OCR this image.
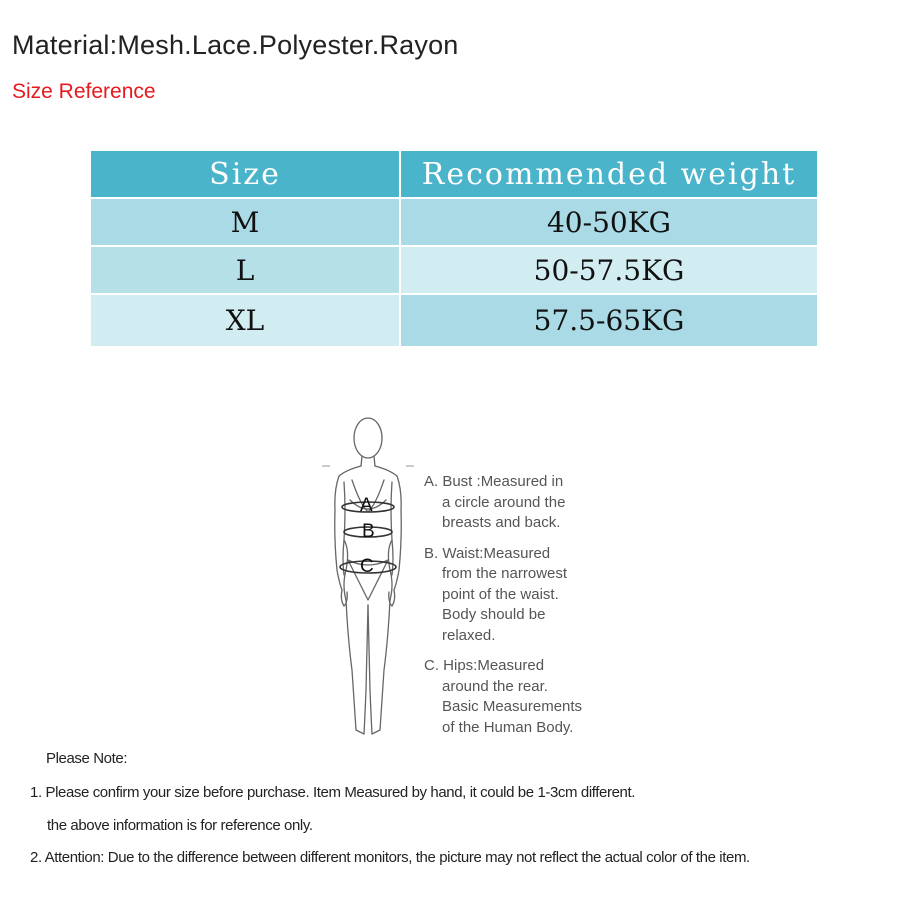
Material:Mesh.Lace.Polyester.Rayon
Size Reference
Size	Recommended weight
M	40-50KG
L	50-57.5KG
XL	57.5-65KG
A
B
C
A. Bust :Measured in
a circle around the
breasts and back.
B. Waist:Measured
from the narrowest
point of the waist.
Body should be
relaxed.
C. Hips:Measured
around the rear.
Basic Measurements
of the Human Body.
Please Note:
1. Please confirm your size before purchase. Item Measured by hand, it could be 1-3cm different.
the above information is for reference only.
2. Attention: Due to the difference between different monitors, the picture may not reflect the actual color of the item.
